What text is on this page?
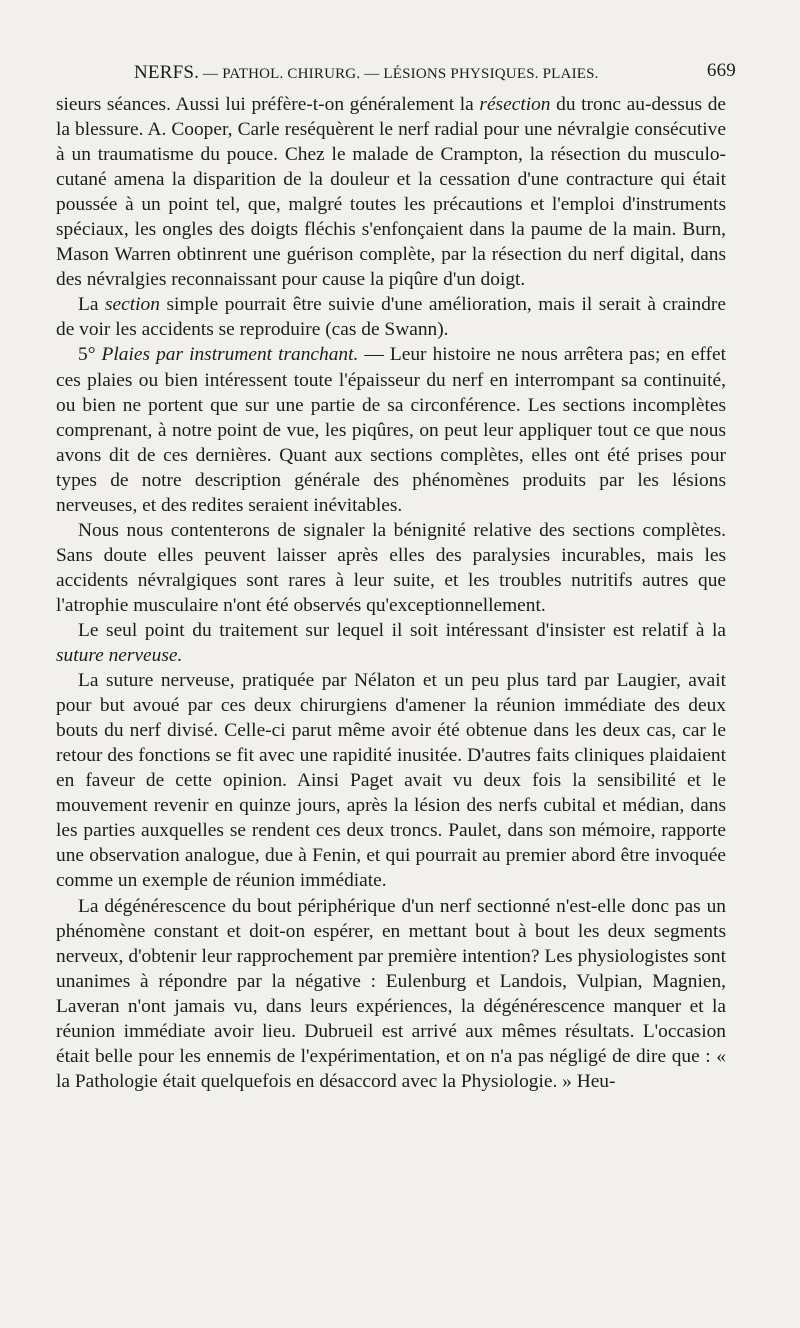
NERFS. — PATHOL. CHIRURG. — LÉSIONS PHYSIQUES. PLAIES.	669

sieurs séances. Aussi lui préfère-t-on généralement la résection du tronc au-dessus de la blessure. A. Cooper, Carle reséquèrent le nerf radial pour une névralgie consécutive à un traumatisme du pouce. Chez le malade de Crampton, la résection du musculo-cutané amena la disparition de la douleur et la cessation d'une contracture qui était poussée à un point tel, que, malgré toutes les précautions et l'emploi d'instruments spéciaux, les ongles des doigts fléchis s'enfonçaient dans la paume de la main. Burn, Mason Warren obtinrent une guérison complète, par la résection du nerf digital, dans des névralgies reconnaissant pour cause la piqûre d'un doigt.

La section simple pourrait être suivie d'une amélioration, mais il serait à craindre de voir les accidents se reproduire (cas de Swann).

5° Plaies par instrument tranchant. — Leur histoire ne nous arrêtera pas; en effet ces plaies ou bien intéressent toute l'épaisseur du nerf en interrompant sa continuité, ou bien ne portent que sur une partie de sa circonférence. Les sections incomplètes comprenant, à notre point de vue, les piqûres, on peut leur appliquer tout ce que nous avons dit de ces dernières. Quant aux sections complètes, elles ont été prises pour types de notre description générale des phénomènes produits par les lésions nerveuses, et des redites seraient inévitables.

Nous nous contenterons de signaler la bénignité relative des sections complètes. Sans doute elles peuvent laisser après elles des paralysies incurables, mais les accidents névralgiques sont rares à leur suite, et les troubles nutritifs autres que l'atrophie musculaire n'ont été observés qu'exceptionnellement.

Le seul point du traitement sur lequel il soit intéressant d'insister est relatif à la suture nerveuse.

La suture nerveuse, pratiquée par Nélaton et un peu plus tard par Laugier, avait pour but avoué par ces deux chirurgiens d'amener la réunion immédiate des deux bouts du nerf divisé. Celle-ci parut même avoir été obtenue dans les deux cas, car le retour des fonctions se fit avec une rapidité inusitée. D'autres faits cliniques plaidaient en faveur de cette opinion. Ainsi Paget avait vu deux fois la sensibilité et le mouvement revenir en quinze jours, après la lésion des nerfs cubital et médian, dans les parties auxquelles se rendent ces deux troncs. Paulet, dans son mémoire, rapporte une observation analogue, due à Fenin, et qui pourrait au premier abord être invoquée comme un exemple de réunion immédiate.

La dégénérescence du bout périphérique d'un nerf sectionné n'est-elle donc pas un phénomène constant et doit-on espérer, en mettant bout à bout les deux segments nerveux, d'obtenir leur rapprochement par première intention? Les physiologistes sont unanimes à répondre par la négative : Eulenburg et Landois, Vulpian, Magnien, Laveran n'ont jamais vu, dans leurs expériences, la dégénérescence manquer et la réunion immédiate avoir lieu. Dubrueil est arrivé aux mêmes résultats. L'occasion était belle pour les ennemis de l'expérimentation, et on n'a pas négligé de dire que : « la Pathologie était quelquefois en désaccord avec la Physiologie. » Heu-
